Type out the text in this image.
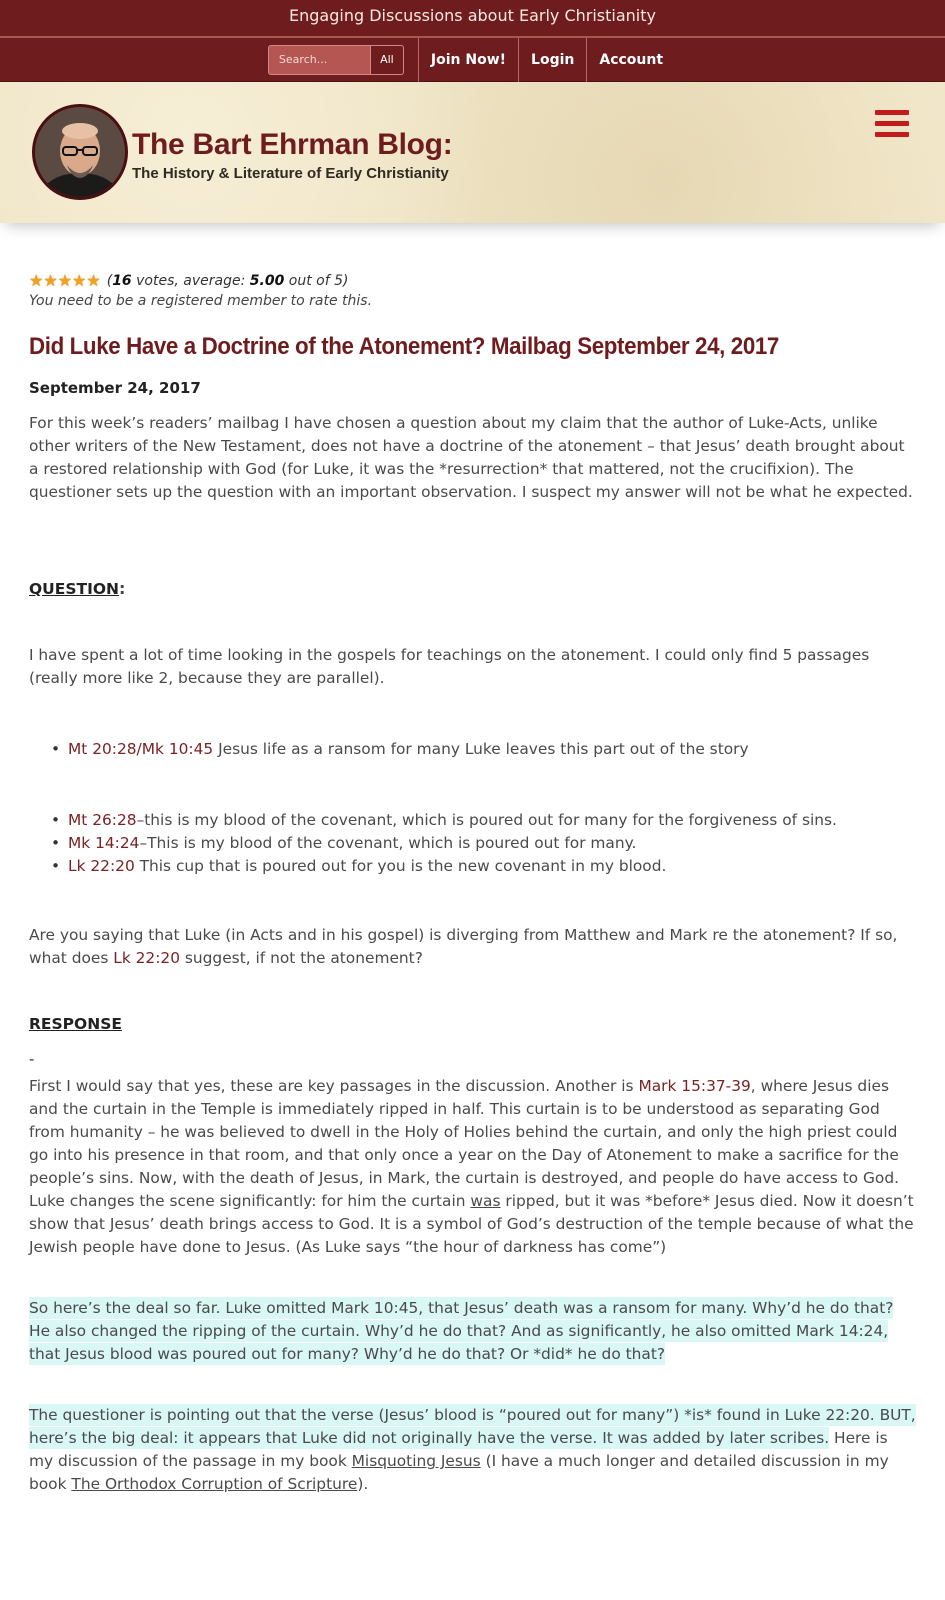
Engaging Discussions about Early Christianity
Search...	All	Join Now!	Login	Account
The Bart Ehrman Blog:
The History & Literature of Early Christianity
★ ★ ★ ★ ★ (16 votes, average: 5.00 out of 5)
You need to be a registered member to rate this.
Did Luke Have a Doctrine of the Atonement? Mailbag September 24, 2017
September 24, 2017

For this week’s readers’ mailbag I have chosen a question about my claim that the author of Luke-Acts, unlike other writers of the New Testament, does not have a doctrine of the atonement – that Jesus’ death brought about a restored relationship with God (for Luke, it was the *resurrection* that mattered, not the crucifixion). The questioner sets up the question with an important observation. I suspect my answer will not be what he expected.

QUESTION:

I have spent a lot of time looking in the gospels for teachings on the atonement. I could only find 5 passages (really more like 2, because they are parallel).

• Mt 20:28/Mk 10:45 Jesus life as a ransom for many Luke leaves this part out of the story
• Mt 26:28–this is my blood of the covenant, which is poured out for many for the forgiveness of sins.
• Mk 14:24–This is my blood of the covenant, which is poured out for many.
• Lk 22:20 This cup that is poured out for you is the new covenant in my blood.

Are you saying that Luke (in Acts and in his gospel) is diverging from Matthew and Mark re the atonement? If so, what does Lk 22:20 suggest, if not the atonement?

RESPONSE
-

First I would say that yes, these are key passages in the discussion. Another is Mark 15:37-39, where Jesus dies and the curtain in the Temple is immediately ripped in half. This curtain is to be understood as separating God from humanity – he was believed to dwell in the Holy of Holies behind the curtain, and only the high priest could go into his presence in that room, and that only once a year on the Day of Atonement to make a sacrifice for the people’s sins. Now, with the death of Jesus, in Mark, the curtain is destroyed, and people do have access to God. Luke changes the scene significantly: for him the curtain was ripped, but it was *before* Jesus died. Now it doesn’t show that Jesus’ death brings access to God. It is a symbol of God’s destruction of the temple because of what the Jewish people have done to Jesus. (As Luke says “the hour of darkness has come”)

So here’s the deal so far. Luke omitted Mark 10:45, that Jesus’ death was a ransom for many. Why’d he do that? He also changed the ripping of the curtain. Why’d he do that? And as significantly, he also omitted Mark 14:24, that Jesus blood was poured out for many? Why’d he do that? Or *did* he do that?

The questioner is pointing out that the verse (Jesus’ blood is “poured out for many”) *is* found in Luke 22:20. BUT, here’s the big deal: it appears that Luke did not originally have the verse. It was added by later scribes. Here is my discussion of the passage in my book Misquoting Jesus (I have a much longer and detailed discussion in my book The Orthodox Corruption of Scripture).
